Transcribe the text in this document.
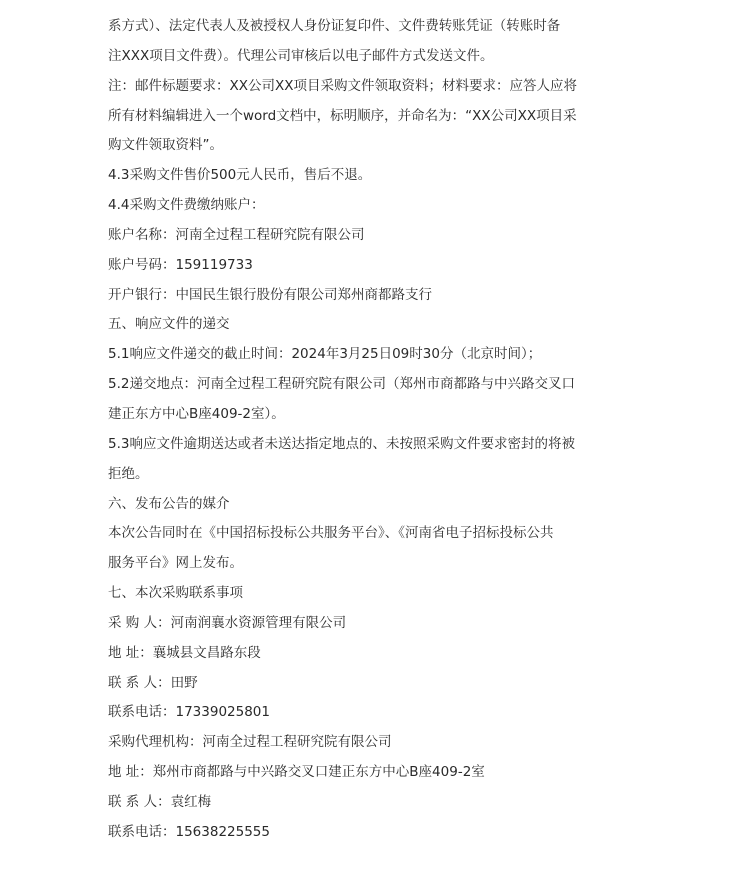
系方式）、法定代表人及被授权人身份证复印件、文件费转账凭证（转账时备
注XXX项目文件费）。代理公司审核后以电子邮件方式发送文件。
注：邮件标题要求：XX公司XX项目采购文件领取资料；材料要求：应答人应将
所有材料编辑进入一个word文档中，标明顺序，并命名为：“XX公司XX项目采
购文件领取资料”。
4.3采购文件售价500元人民币，售后不退。
4.4采购文件费缴纳账户：
账户名称：河南全过程工程研究院有限公司
账户号码：159119733
开户银行：中国民生银行股份有限公司郑州商都路支行
五、响应文件的递交
5.1响应文件递交的截止时间：2024年3月25日09时30分（北京时间）；
5.2递交地点：河南全过程工程研究院有限公司（郑州市商都路与中兴路交叉口
建正东方中心B座409-2室）。
5.3响应文件逾期送达或者未送达指定地点的、未按照采购文件要求密封的将被
拒绝。
六、发布公告的媒介
本次公告同时在《中国招标投标公共服务平台》、《河南省电子招标投标公共
服务平台》网上发布。
七、本次采购联系事项
采 购 人：河南润襄水资源管理有限公司
地 址：襄城县文昌路东段
联 系 人：田野
联系电话：17339025801
采购代理机构：河南全过程工程研究院有限公司
地 址：郑州市商都路与中兴路交叉口建正东方中心B座409-2室
联 系 人：袁红梅
联系电话：15638225555
